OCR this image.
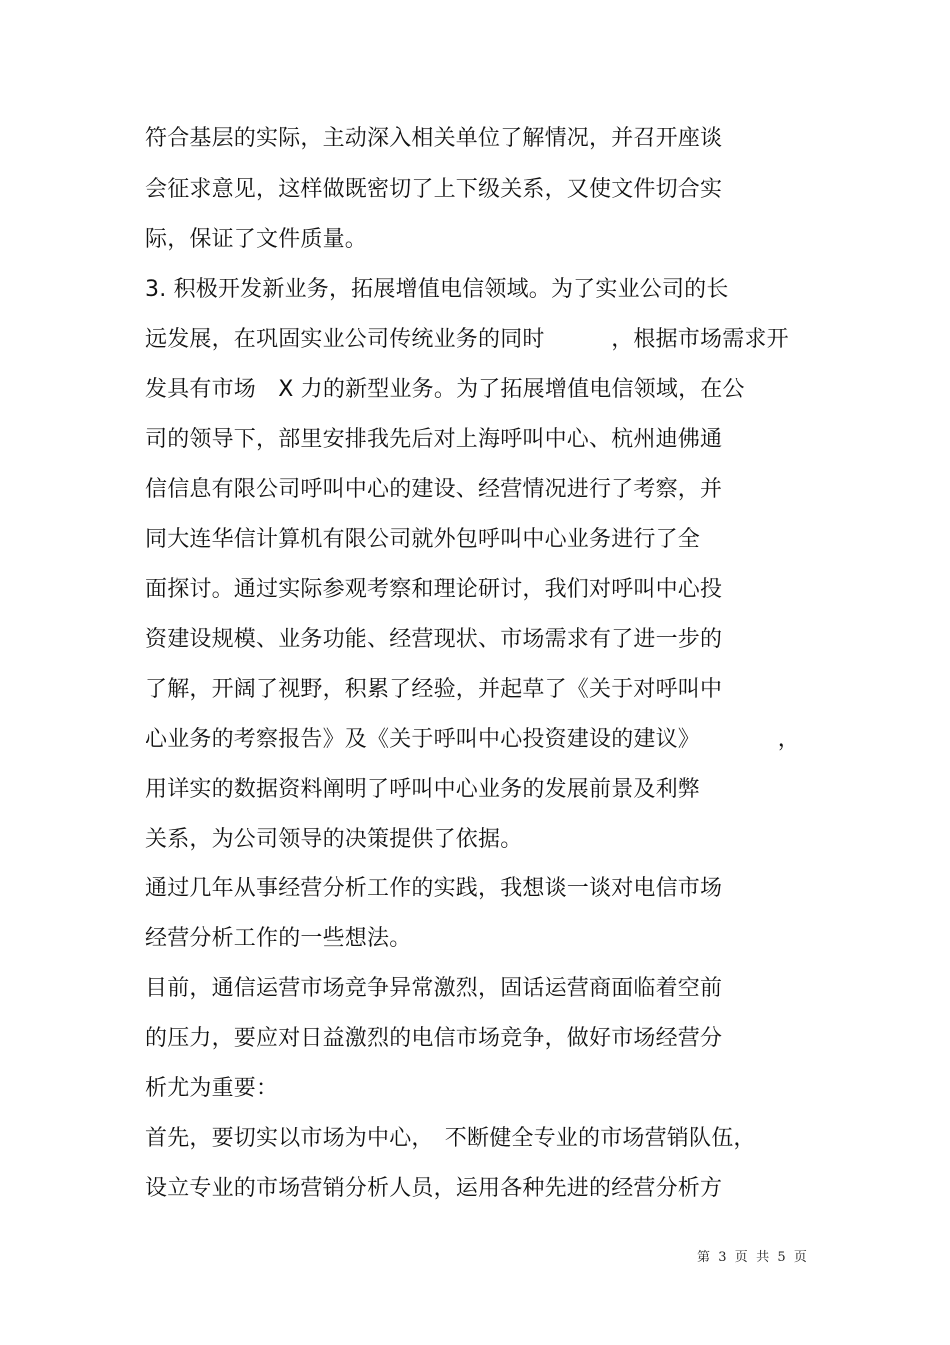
符合基层的实际，主动深入相关单位了解情况，并召开座谈
会征求意见，这样做既密切了上下级关系，又使文件切合实
际，保证了文件质量。
3. 积极开发新业务，拓展增值电信领域。为了实业公司的长
远发展，在巩固实业公司传统业务的同时　　　，根据市场需求开
发具有市场　X 力的新型业务。为了拓展增值电信领域，在公
司的领导下，部里安排我先后对上海呼叫中心、杭州迪佛通
信信息有限公司呼叫中心的建设、经营情况进行了考察，并
同大连华信计算机有限公司就外包呼叫中心业务进行了全
面探讨。通过实际参观考察和理论研讨，我们对呼叫中心投
资建设规模、业务功能、经营现状、市场需求有了进一步的
了解，开阔了视野，积累了经验，并起草了《关于对呼叫中
心业务的考察报告》及《关于呼叫中心投资建设的建议》　　　　，
用详实的数据资料阐明了呼叫中心业务的发展前景及利弊
关系，为公司领导的决策提供了依据。
通过几年从事经营分析工作的实践，我想谈一谈对电信市场
经营分析工作的一些想法。
目前，通信运营市场竞争异常激烈，固话运营商面临着空前
的压力，要应对日益激烈的电信市场竞争，做好市场经营分
析尤为重要：
首先，要切实以市场为中心，　不断健全专业的市场营销队伍，
设立专业的市场营销分析人员，运用各种先进的经营分析方
第  3  页  共  5  页
